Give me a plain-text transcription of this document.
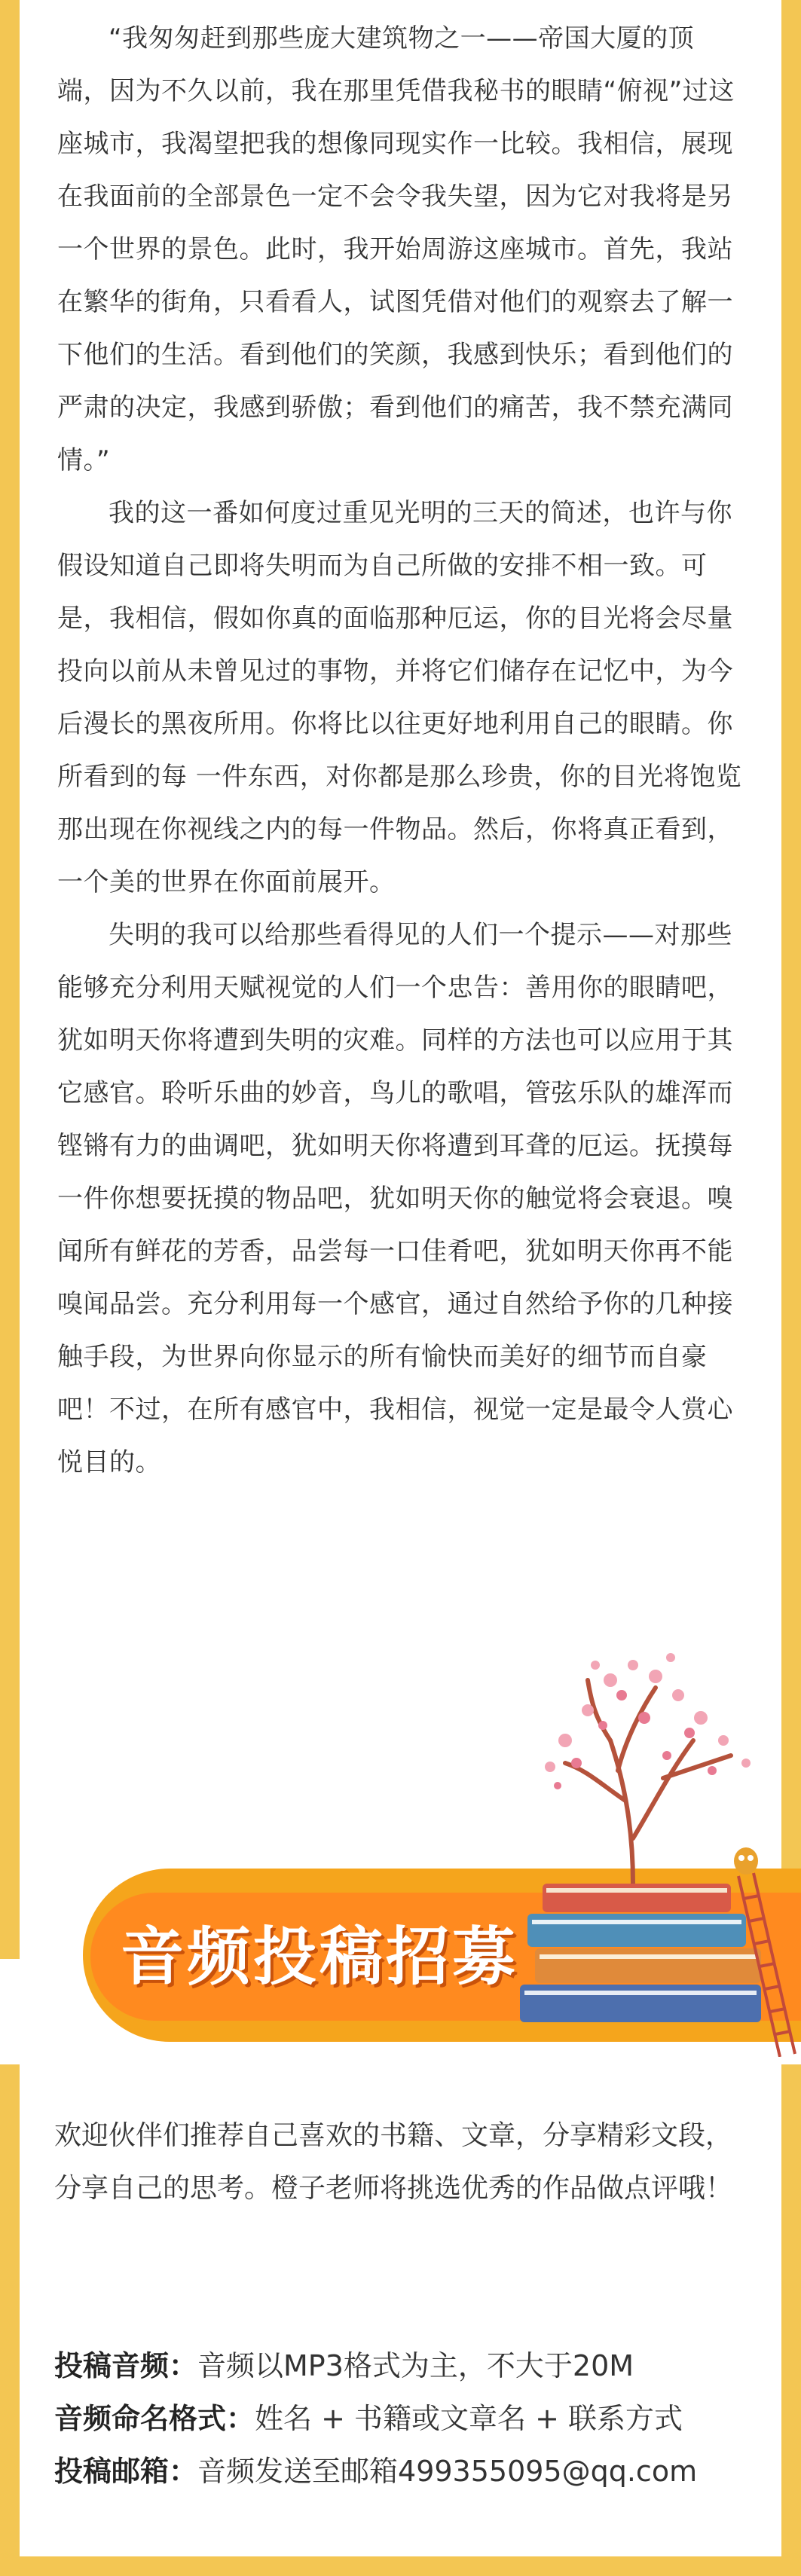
“我匆匆赶到那些庞大建筑物之一——帝国大厦的顶端，因为不久以前，我在那里凭借我秘书的眼睛“俯视”过这座城市，我渴望把我的想像同现实作一比较。我相信，展现在我面前的全部景色一定不会令我失望，因为它对我将是另一个世界的景色。此时，我开始周游这座城市。首先，我站在繁华的街角，只看看人，试图凭借对他们的观察去了解一下他们的生活。看到他们的笑颜，我感到快乐；看到他们的严肃的决定，我感到骄傲；看到他们的痛苦，我不禁充满同情。”

我的这一番如何度过重见光明的三天的简述，也许与你假设知道自己即将失明而为自己所做的安排不相一致。可是，我相信，假如你真的面临那种厄运，你的目光将会尽量投向以前从未曾见过的事物，并将它们储存在记忆中，为今后漫长的黑夜所用。你将比以往更好地利用自己的眼睛。你所看到的每 一件东西，对你都是那么珍贵，你的目光将饱览那出现在你视线之内的每一件物品。然后，你将真正看到，一个美的世界在你面前展开。

失明的我可以给那些看得见的人们一个提示——对那些能够充分利用天赋视觉的人们一个忠告：善用你的眼睛吧，犹如明天你将遭到失明的灾难。同样的方法也可以应用于其它感官。聆听乐曲的妙音，鸟儿的歌唱，管弦乐队的雄浑而铿锵有力的曲调吧，犹如明天你将遭到耳聋的厄运。抚摸每一件你想要抚摸的物品吧，犹如明天你的触觉将会衰退。嗅闻所有鲜花的芳香，品尝每一口佳肴吧，犹如明天你再不能嗅闻品尝。充分利用每一个感官，通过自然给予你的几种接触手段，为世界向你显示的所有愉快而美好的细节而自豪吧！不过，在所有感官中，我相信，视觉一定是最令人赏心悦目的。

音频投稿招募

欢迎伙伴们推荐自己喜欢的书籍、文章，分享精彩文段，分享自己的思考。橙子老师将挑选优秀的作品做点评哦！

投稿音频：音频以MP3格式为主，不大于20M
音频命名格式：姓名 + 书籍或文章名 + 联系方式
投稿邮箱：音频发送至邮箱499355095@qq.com
